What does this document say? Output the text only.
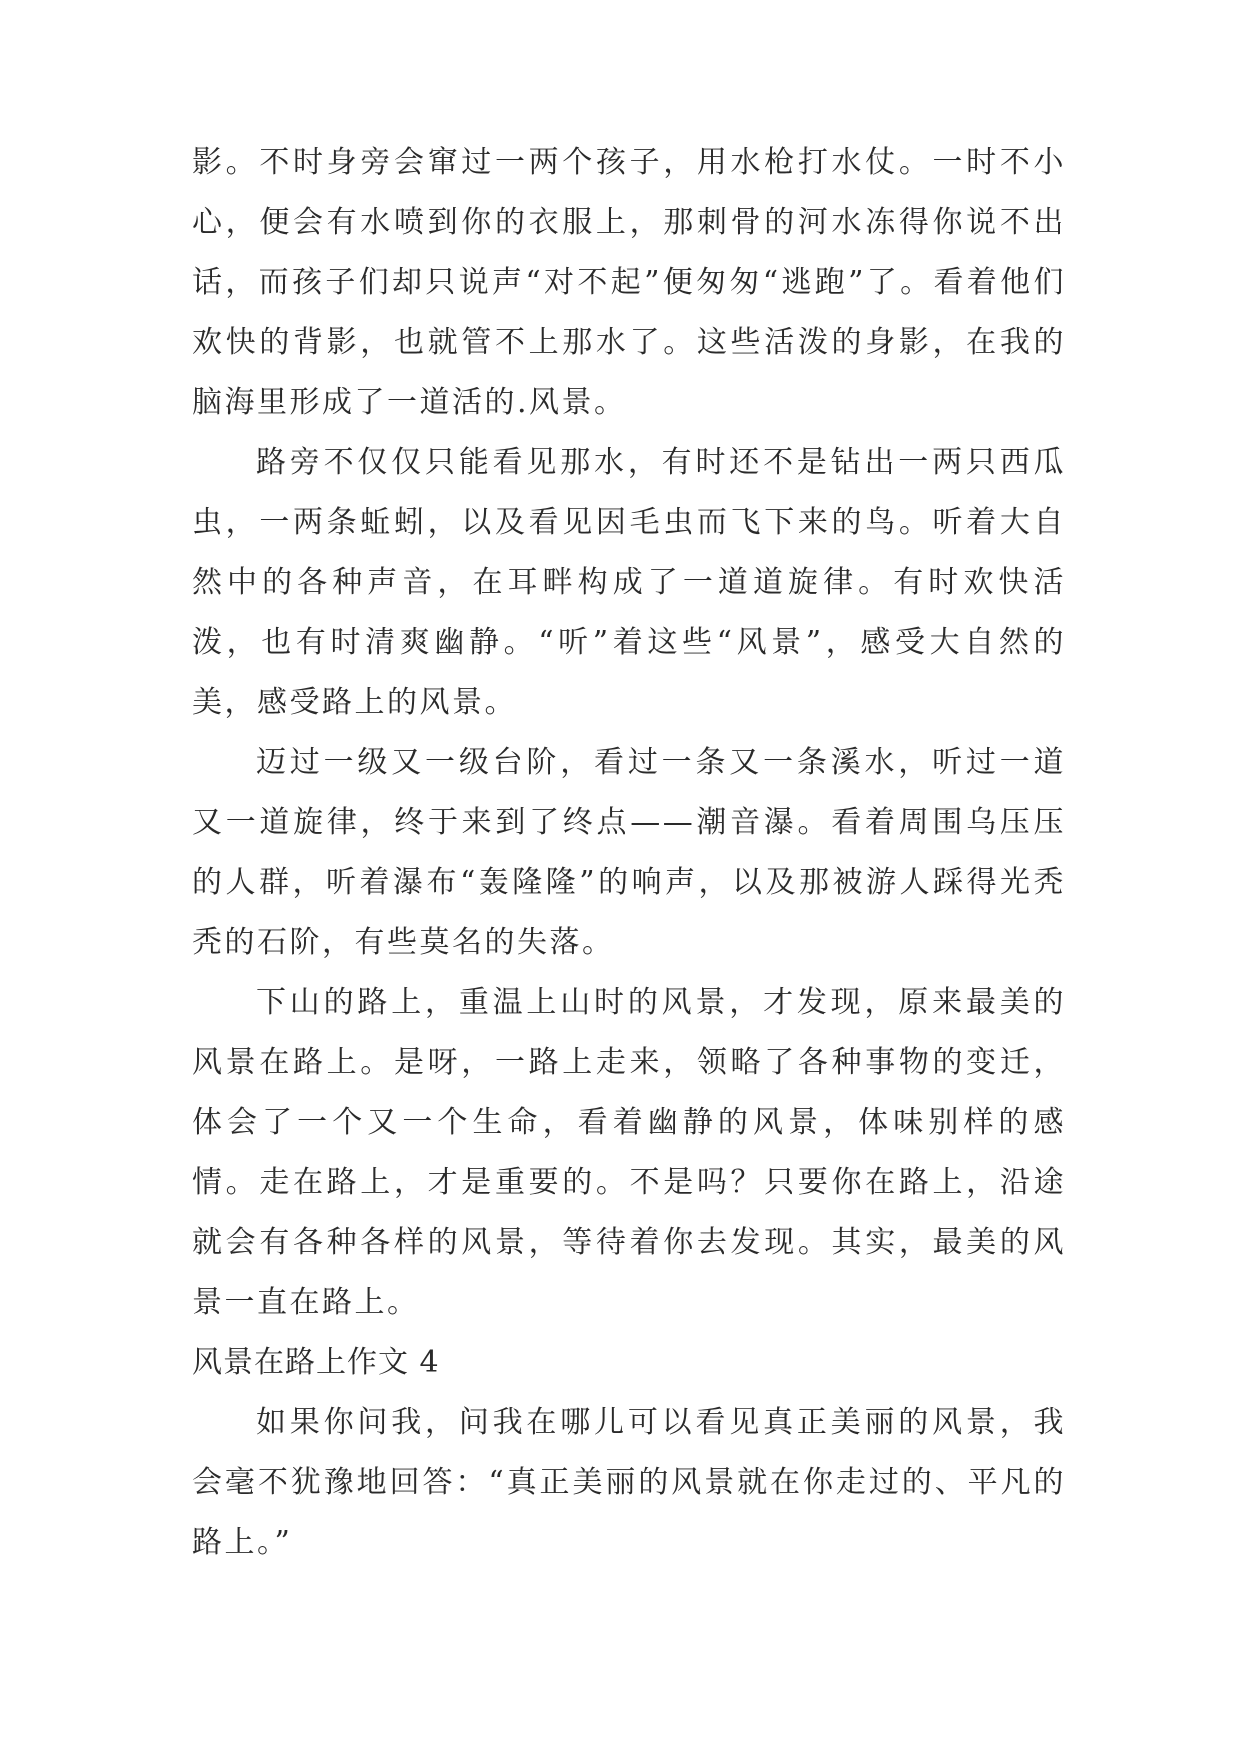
影。不时身旁会窜过一两个孩子，用水枪打水仗。一时不小心，便会有水喷到你的衣服上，那刺骨的河水冻得你说不出话，而孩子们却只说声“对不起”便匆匆“逃跑”了。看着他们欢快的背影，也就管不上那水了。这些活泼的身影，在我的脑海里形成了一道活的.风景。

路旁不仅仅只能看见那水，有时还不是钻出一两只西瓜虫，一两条蚯蚓，以及看见因毛虫而飞下来的鸟。听着大自然中的各种声音，在耳畔构成了一道道旋律。有时欢快活泼，也有时清爽幽静。“听”着这些“风景”，感受大自然的美，感受路上的风景。

迈过一级又一级台阶，看过一条又一条溪水，听过一道又一道旋律，终于来到了终点——潮音瀑。看着周围乌压压的人群，听着瀑布“轰隆隆”的响声，以及那被游人踩得光秃秃的石阶，有些莫名的失落。

下山的路上，重温上山时的风景，才发现，原来最美的风景在路上。是呀，一路上走来，领略了各种事物的变迁，体会了一个又一个生命，看着幽静的风景，体味别样的感情。走在路上，才是重要的。不是吗？只要你在路上，沿途就会有各种各样的风景，等待着你去发现。其实，最美的风景一直在路上。

风景在路上作文 4

如果你问我，问我在哪儿可以看见真正美丽的风景，我会毫不犹豫地回答：“真正美丽的风景就在你走过的、平凡的路上。”
